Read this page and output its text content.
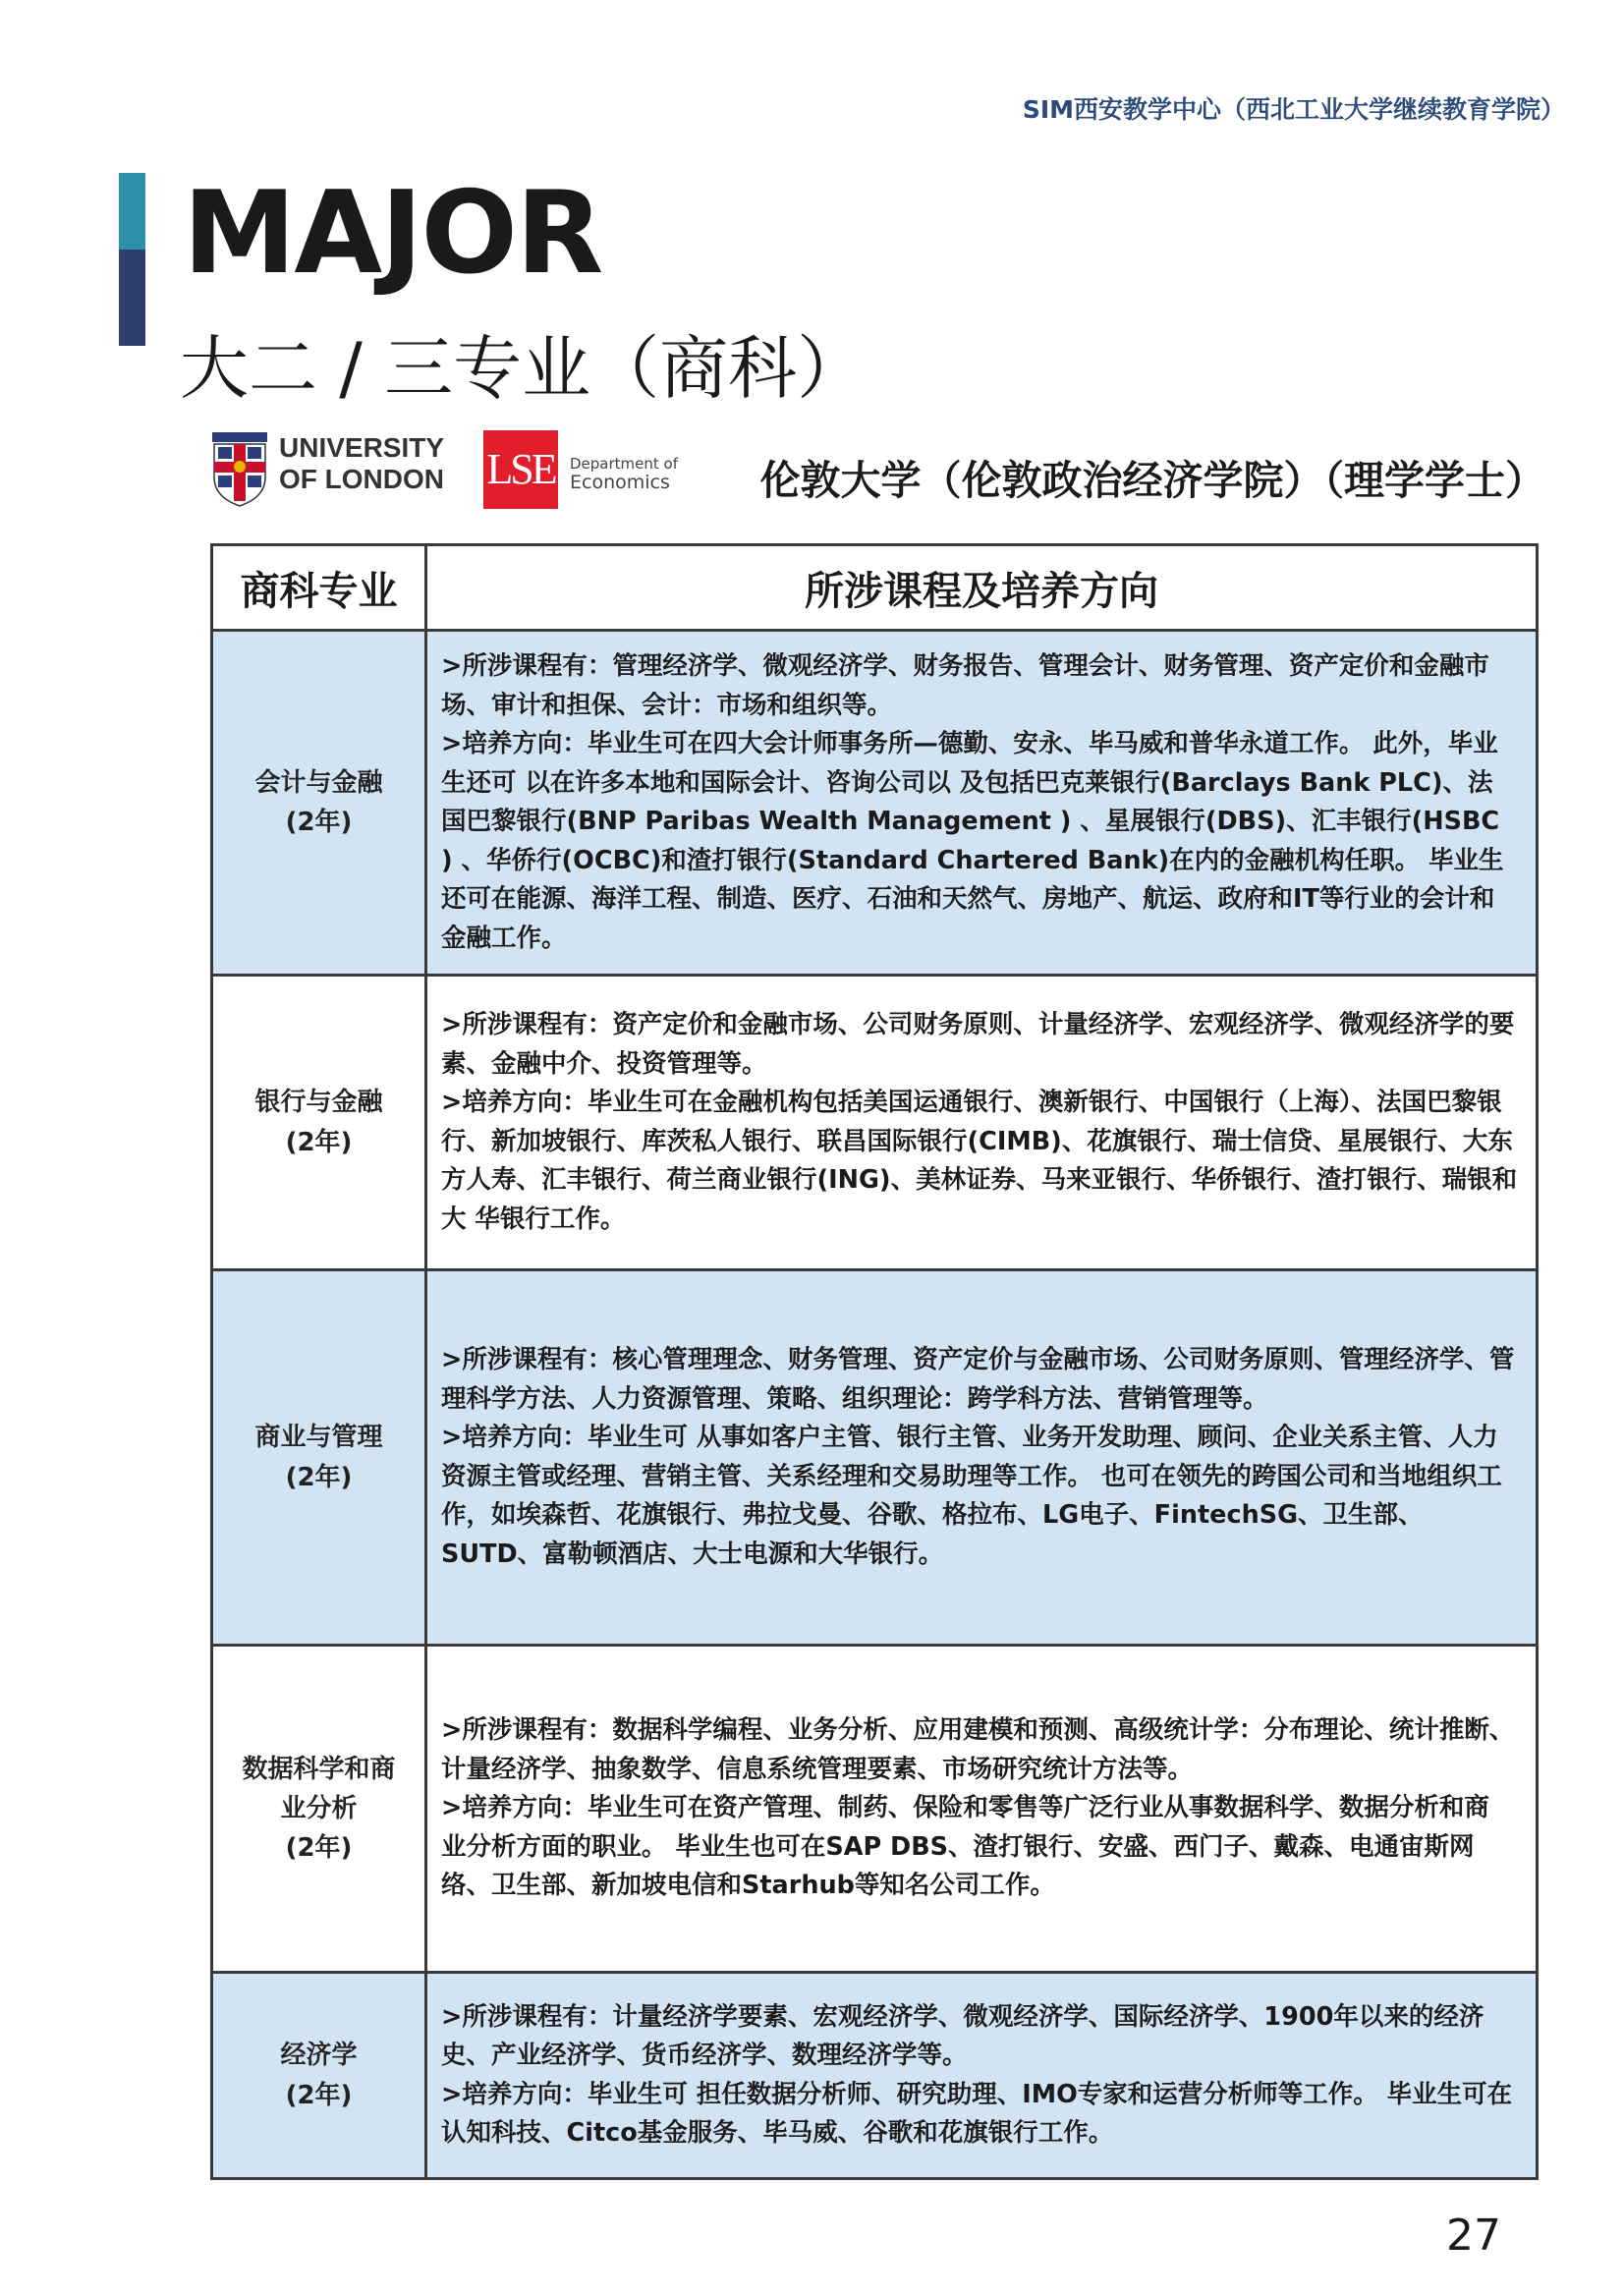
SIM西安教学中心（西北工业大学继续教育学院）
MAJOR
大二 / 三专业（商科）
UNIVERSITY
OF LONDON LSE Department of
Economics	伦敦大学（伦敦政治经济学院）（理学学士）
商科专业	所涉课程及培养方向
会计与金融
(2年)	>所涉课程有：管理经济学、微观经济学、财务报告、管理会计、财务管理、资产定价和金融市场、审计和担保、会计：市场和组织等。
>培养方向：毕业生可在四大会计师事务所—德勤、安永、毕马威和普华永道工作。 此外，毕业生还可 以在许多本地和国际会计、咨询公司以 及包括巴克莱银行(Barclays Bank PLC)、法国巴黎银行(BNP Paribas Wealth Management ) 、星展银行(DBS)、汇丰银行(HSBC ) 、华侨行(OCBC)和渣打银行(Standard Chartered Bank)在内的金融机构任职。 毕业生还可在能源、海洋工程、制造、医疗、石油和天然气、房地产、航运、政府和IT等行业的会计和金融工作。

银行与金融
(2年)	>所涉课程有：资产定价和金融市场、公司财务原则、计量经济学、宏观经济学、微观经济学的要素、金融中介、投资管理等。
>培养方向：毕业生可在金融机构包括美国运通银行、澳新银行、中国银行（上海）、法国巴黎银行、新加坡银行、库茨私人银行、联昌国际银行(CIMB)、花旗银行、瑞士信贷、星展银行、大东方人寿、汇丰银行、荷兰商业银行(ING)、美林证券、马来亚银行、华侨银行、渣打银行、瑞银和大 华银行工作。

商业与管理
(2年)	>所涉课程有：核心管理理念、财务管理、资产定价与金融市场、公司财务原则、管理经济学、管理科学方法、人力资源管理、策略、组织理论：跨学科方法、营销管理等。
>培养方向：毕业生可 从事如客户主管、银行主管、业务开发助理、顾问、企业关系主管、人力资源主管或经理、营销主管、关系经理和交易助理等工作。 也可在领先的跨国公司和当地组织工作，如埃森哲、花旗银行、弗拉戈曼、谷歌、格拉布、LG电子、FintechSG、卫生部、SUTD、富勒顿酒店、大士电源和大华银行。

数据科学和商
业分析
(2年)	>所涉课程有：数据科学编程、业务分析、应用建模和预测、高级统计学：分布理论、统计推断、计量经济学、抽象数学、信息系统管理要素、市场研究统计方法等。
>培养方向：毕业生可在资产管理、制药、保险和零售等广泛行业从事数据科学、数据分析和商 业分析方面的职业。 毕业生也可在SAP DBS、渣打银行、安盛、西门子、戴森、电通宙斯网络、卫生部、新加坡电信和Starhub等知名公司工作。

经济学
(2年)	>所涉课程有：计量经济学要素、宏观经济学、微观经济学、国际经济学、1900年以来的经济史、产业经济学、货币经济学、数理经济学等。
>培养方向：毕业生可 担任数据分析师、研究助理、IMO专家和运营分析师等工作。 毕业生可在认知科技、Citco基金服务、毕马威、谷歌和花旗银行工作。
27
